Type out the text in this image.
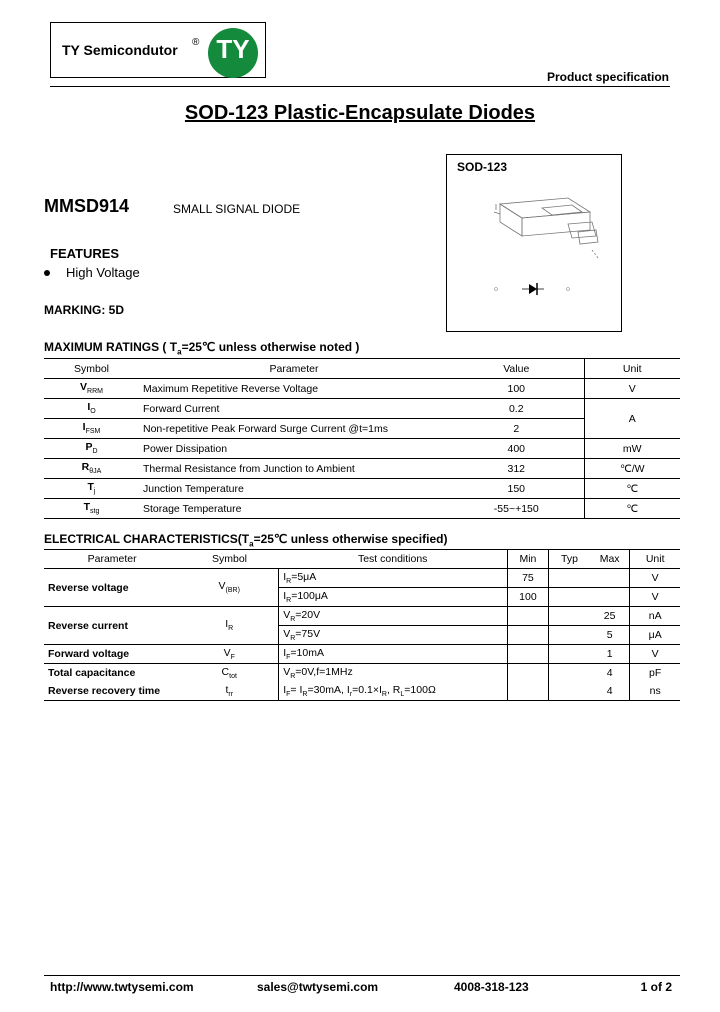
TY Semicondutor ® TY
Product specification
SOD-123 Plastic-Encapsulate Diodes
SOD-123
MMSD914	SMALL SIGNAL DIODE
FEATURES
High Voltage
MARKING: 5D
MAXIMUM RATINGS ( $T_a=25℃$ unless otherwise noted )
Symbol	Parameter	Value	Unit
$V_{RRM}$	Maximum Repetitive Reverse Voltage	100	V
$I_O$	Forward Current	0.2	A
$I_{FSM}$	Non-repetitive Peak Forward Surge Current @t=1ms	2	
$P_D$	Power Dissipation	400	mW
$R_{\theta JA}$	Thermal Resistance from Junction to Ambient	312	℃/W
$T_j$	Junction Temperature	150	℃
$T_{stg}$	Storage Temperature	-55~+150	℃
ELECTRICAL $CHARACTERISTICS(T_a=25℃$ unless otherwise specified)
Parameter	Symbol	Test conditions	Min	Typ	Max	Unit
Reverse voltage	$V_{(BR)}$	$I_R=5\mu A$	75			V
		$I_R=100\mu A$	100			V
Reverse current	$I_R$	$V_R=20V$			25	nA
		$V_R=75V$			5	μA
Forward voltage	$V_F$	$I_F=10mA$			1	V
Total capacitance	$C_{tot}$	$V_R=0V,f=1MHz$			4	pF
Reverse recovery time	$t_{rr}$	$I_F= I_R=30mA$, $I_r=0.1\times I_R$, $R_L=100\Omega$			4	ns
http://www.twtysemi.com	sales@twtysemi.com	4008-318-123	1 of 2
